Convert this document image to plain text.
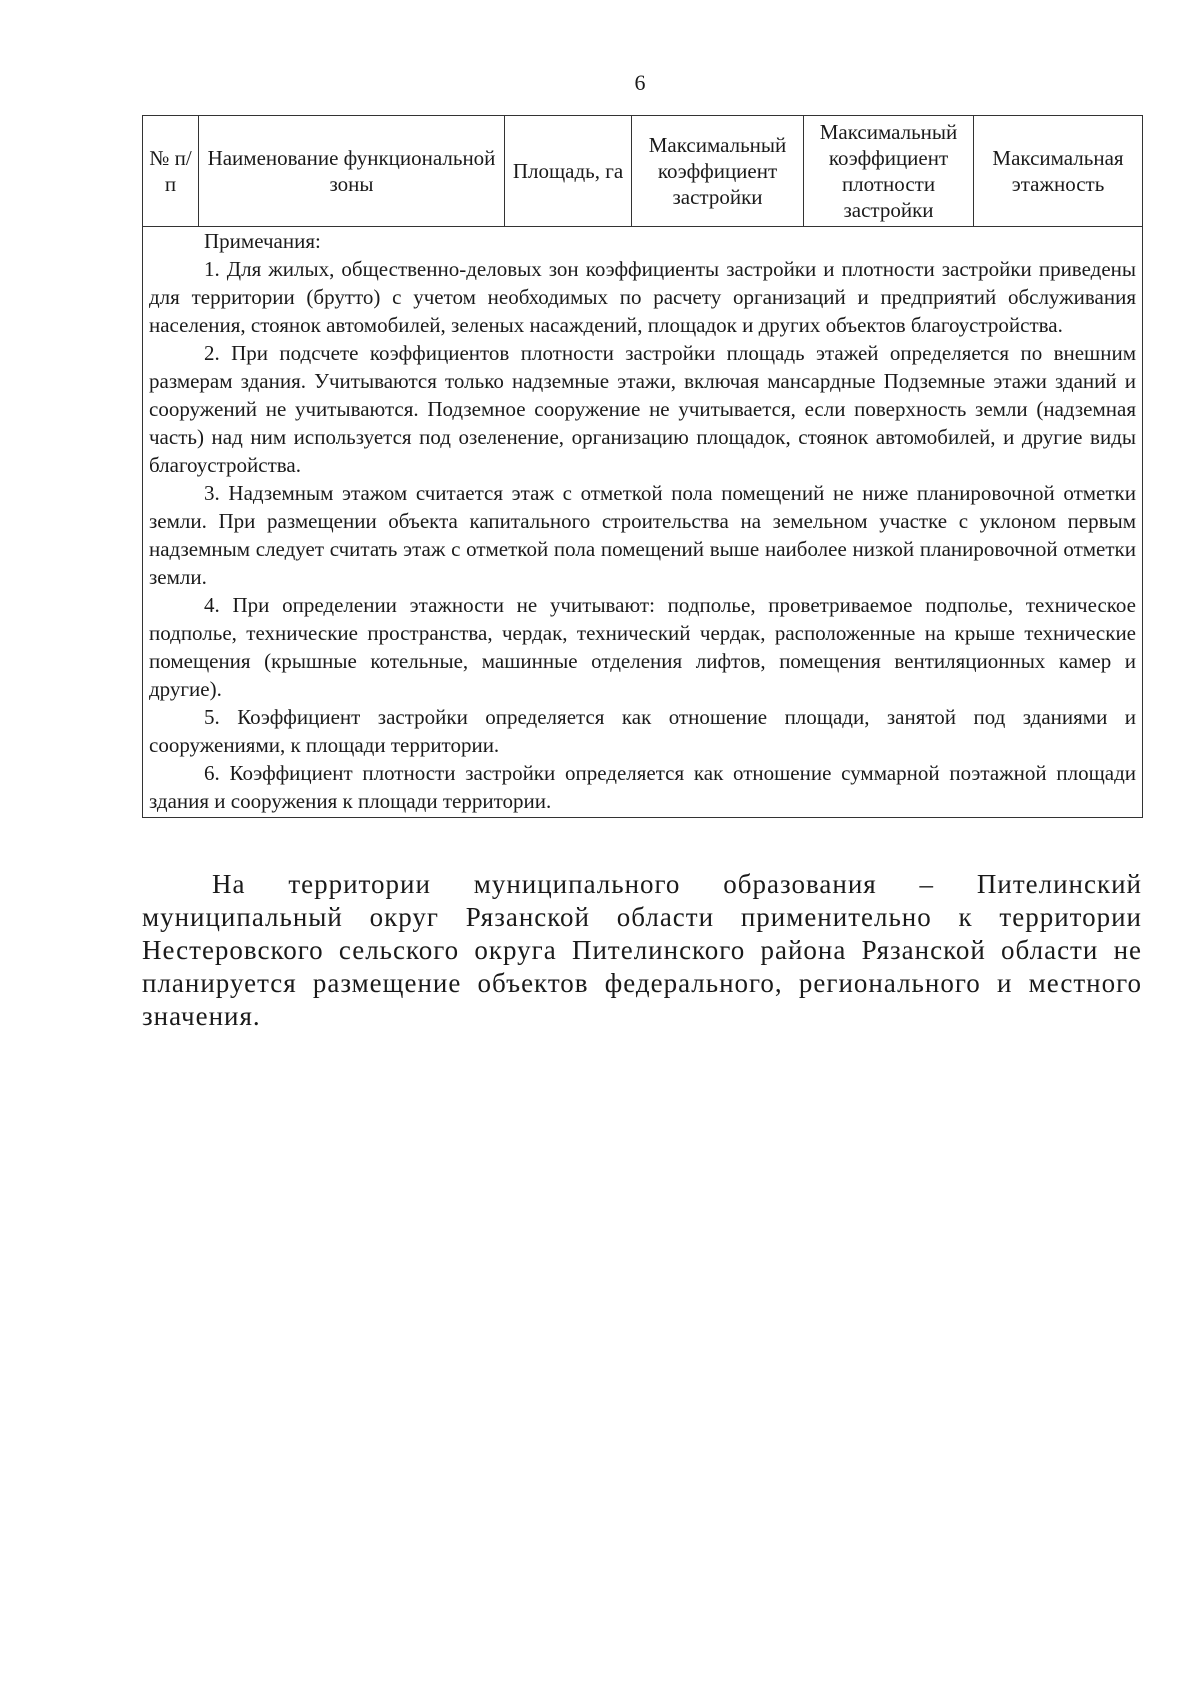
6
№ п/п	Наименование функциональной зоны	Площадь, га	Максимальный коэффициент застройки	Максимальный коэффициент плотности застройки	Максимальная этажность

Примечания:

1. Для жилых, общественно-деловых зон коэффициенты застройки и плотности застройки приведены для территории (брутто) с учетом необходимых по расчету организаций и предприятий обслуживания населения, стоянок автомобилей, зеленых насаждений, площадок и других объектов благоустройства.

2. При подсчете коэффициентов плотности застройки площадь этажей определяется по внешним размерам здания. Учитываются только надземные этажи, включая мансардные Подземные этажи зданий и сооружений не учитываются. Подземное сооружение не учитывается, если поверхность земли (надземная часть) над ним используется под озеленение, организацию площадок, стоянок автомобилей, и другие виды благоустройства.

3. Надземным этажом считается этаж с отметкой пола помещений не ниже планировочной отметки земли. При размещении объекта капитального строительства на земельном участке с уклоном первым надземным следует считать этаж с отметкой пола помещений выше наиболее низкой планировочной отметки земли.

4. При определении этажности не учитывают: подполье, проветриваемое подполье, техническое подполье, технические пространства, чердак, технический чердак, расположенные на крыше технические помещения (крышные котельные, машинные отделения лифтов, помещения вентиляционных камер и другие).

5. Коэффициент застройки определяется как отношение площади, занятой под зданиями и сооружениями, к площади территории.

6. Коэффициент плотности застройки определяется как отношение суммарной поэтажной площади здания и сооружения к площади территории.

На территории муниципального образования – Пителинский муниципальный округ Рязанской области применительно к территории Нестеровского сельского округа Пителинского района Рязанской области не планируется размещение объектов федерального, регионального и местного значения.
